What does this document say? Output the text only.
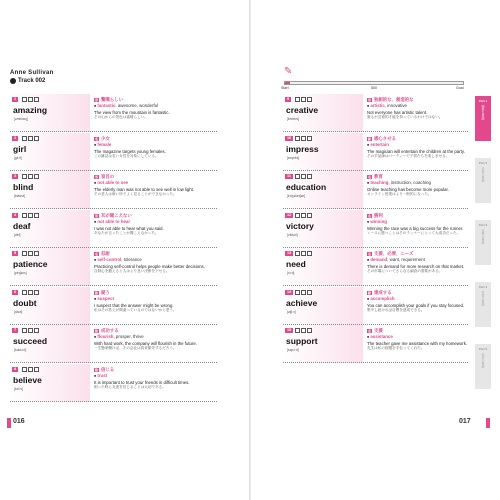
Anne Sullivan
Track 002
✎
Start	500	Goal
1
amazing
[əméɪzɪŋ]
形 驚嘆らしい
■ fantastic, awesome, wonderful
The view from the mountain is fantastic.
その山からの景色は素晴らしい。
2
girl
[gɜ́ːrl]
名 少女
■ female
The magazine targets young females.
この雑誌は若い女性を対象にしている。
3
blind
[bláɪnd]
形 盲目の
■ not able to see
The elderly man was not able to see well in low light.
その老人は暗い所でよく見ることができなかった。
4
deaf
[déf]
形 耳が聞こえない
■ not able to hear
I was not able to hear what you said.
あなたが言ったことが聞こえなかった。
5
patience
[péɪʃəns]
名 忍耐
■ self-control, tolerance
Practicing self-control helps people make better decisions.
自制心を鍛えると人はより良い決断を下せる。
6
doubt
[dáʊt]
動 疑う
■ suspect
I suspect that the answer might be wrong.
私はその答えが間違っているのではないかと思う。
7
succeed
[səksíːd]
動 成功する
■ flourish, prosper, thrive
With hard work, the company will flourish in the future.
一生懸命働けば、その会社は将来繁栄するだろう。
8
believe
[bɪlíːv]
動 信じる
■ trust
It is important to trust your friends in difficult times.
困った時に友達を信じることは大切である。
9
creative
[kriéɪtɪv]
形 独創的な、創造的な
■ artistic, innovative
Not everyone has artistic talent.
誰もが芸術的才能を持っているわけではない。
10
impress
[ɪmprés]
動 感心させる
■ entertain
The magician will entertain the children at the party.
その手品師はパーティーで子供たちを楽しませる。
11
education
[èdʒəkéɪʃən]
名 教育
■ teaching, instruction, coaching
Online teaching has become more popular.
オンライン授業はより一般的になった。
12
victory
[víktəri]
名 勝利
■ winning
Winning the race was a big success for the runner.
レースに勝つことはそのランナーにとって大成功だった。
13
need
[níːd]
名 支援、必要、ニーズ
■ demand, want, requirement
There is demand for more research on that market.
その市場についてさらなる調査の需要がある。
14
achieve
[ətʃíːv]
動 達成する
■ accomplish
You can accomplish your goals if you stay focused.
集中し続ければ目標を達成できる。
15
support
[səpɔ́ːrt]
名 支援
■ assistance
The teacher gave me assistance with my homework.
先生は私の宿題を手伝ってくれた。
016	017
Part 1
簡単な単語
Part 2
日常の単語
Part 3
仕事の単語
Part 4
学習の単語
Part 5
社会の単語
